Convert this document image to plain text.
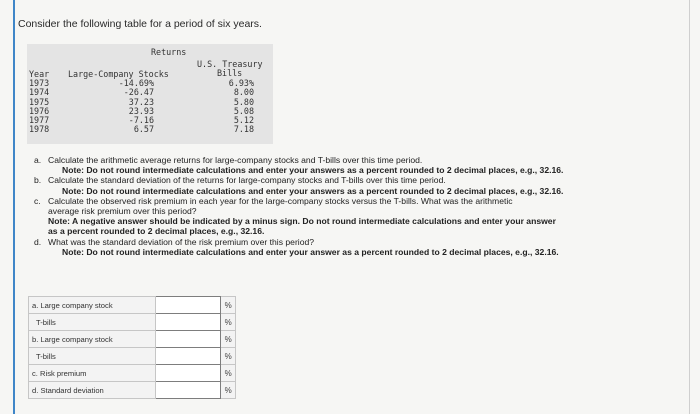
Consider the following table for a period of six years.
Returns
U.S. Treasury
Bills
Year Large-Company Stocks
1973	-14.69%	6.93%
1974	-26.47	8.00
1975	37.23	5.80
1976	23.93	5.08
1977	-7.16	5.12
1978	6.57	7.18
a. Calculate the arithmetic average returns for large-company stocks and T-bills over this time period.
Note: Do not round intermediate calculations and enter your answers as a percent rounded to 2 decimal places, e.g., 32.16.
b. Calculate the standard deviation of the returns for large-company stocks and T-bills over this time period.
Note: Do not round intermediate calculations and enter your answers as a percent rounded to 2 decimal places, e.g., 32.16.
c. Calculate the observed risk premium in each year for the large-company stocks versus the T-bills. What was the arithmetic
average risk premium over this period?
Note: A negative answer should be indicated by a minus sign. Do not round intermediate calculations and enter your answer
as a percent rounded to 2 decimal places, e.g., 32.16.
d. What was the standard deviation of the risk premium over this period?
Note: Do not round intermediate calculations and enter your answer as a percent rounded to 2 decimal places, e.g., 32.16.
a. Large company stock		%
T-bills		%
b. Large company stock		%
T-bills		%
c. Risk premium		%
d. Standard deviation		%
